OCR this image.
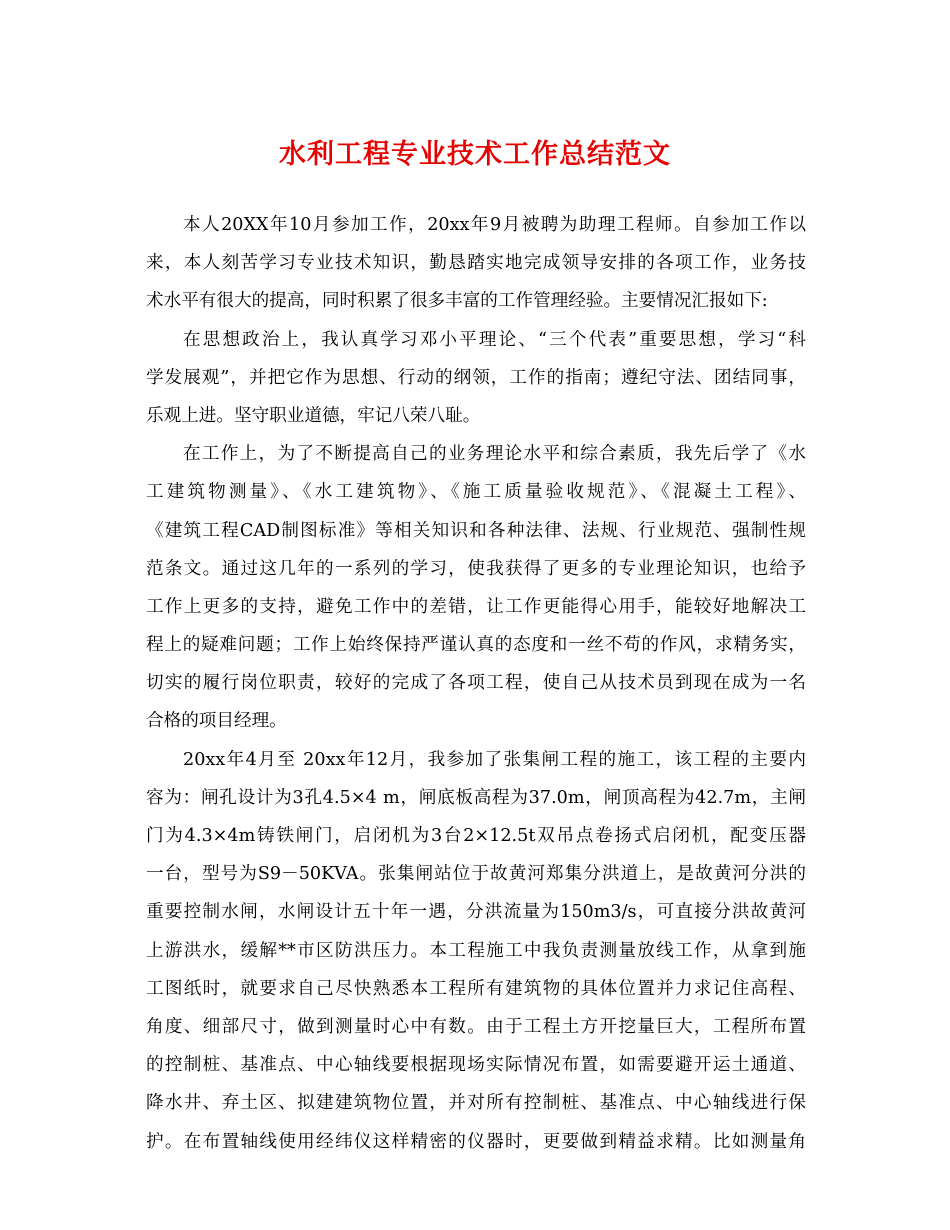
水利工程专业技术工作总结范文
本人20XX年10月参加工作，20xx年9月被聘为助理工程师。自参加工作以
来，本人刻苦学习专业技术知识，勤恳踏实地完成领导安排的各项工作，业务技
术水平有很大的提高，同时积累了很多丰富的工作管理经验。主要情况汇报如下:
在思想政治上，我认真学习邓小平理论、“三个代表”重要思想，学习“科
学发展观”，并把它作为思想、行动的纲领，工作的指南；遵纪守法、团结同事，
乐观上进。坚守职业道德，牢记八荣八耻。
在工作上，为了不断提高自己的业务理论水平和综合素质，我先后学了《水
工建筑物测量》、《水工建筑物》、《施工质量验收规范》、《混凝土工程》、
《建筑工程CAD制图标准》等相关知识和各种法律、法规、行业规范、强制性规
范条文。通过这几年的一系列的学习，使我获得了更多的专业理论知识，也给予
工作上更多的支持，避免工作中的差错，让工作更能得心用手，能较好地解决工
程上的疑难问题；工作上始终保持严谨认真的态度和一丝不苟的作风，求精务实，
切实的履行岗位职责，较好的完成了各项工程，使自己从技术员到现在成为一名
合格的项目经理。
20xx年4月至 20xx年12月，我参加了张集闸工程的施工，该工程的主要内
容为：闸孔设计为3孔4.5×4 m，闸底板高程为37.0m，闸顶高程为42.7m，主闸
门为4.3×4m铸铁闸门，启闭机为3台2×12.5t双吊点卷扬式启闭机，配变压器
一台，型号为S9－50KVA。张集闸站位于故黄河郑集分洪道上，是故黄河分洪的
重要控制水闸，水闸设计五十年一遇，分洪流量为150m3/s，可直接分洪故黄河
上游洪水，缓解**市区防洪压力。本工程施工中我负责测量放线工作，从拿到施
工图纸时，就要求自己尽快熟悉本工程所有建筑物的具体位置并力求记住高程、
角度、细部尺寸，做到测量时心中有数。由于工程土方开挖量巨大，工程所布置
的控制桩、基准点、中心轴线要根据现场实际情况布置，如需要避开运土通道、
降水井、弃土区、拟建建筑物位置，并对所有控制桩、基准点、中心轴线进行保
护。在布置轴线使用经纬仪这样精密的仪器时，更要做到精益求精。比如测量角
